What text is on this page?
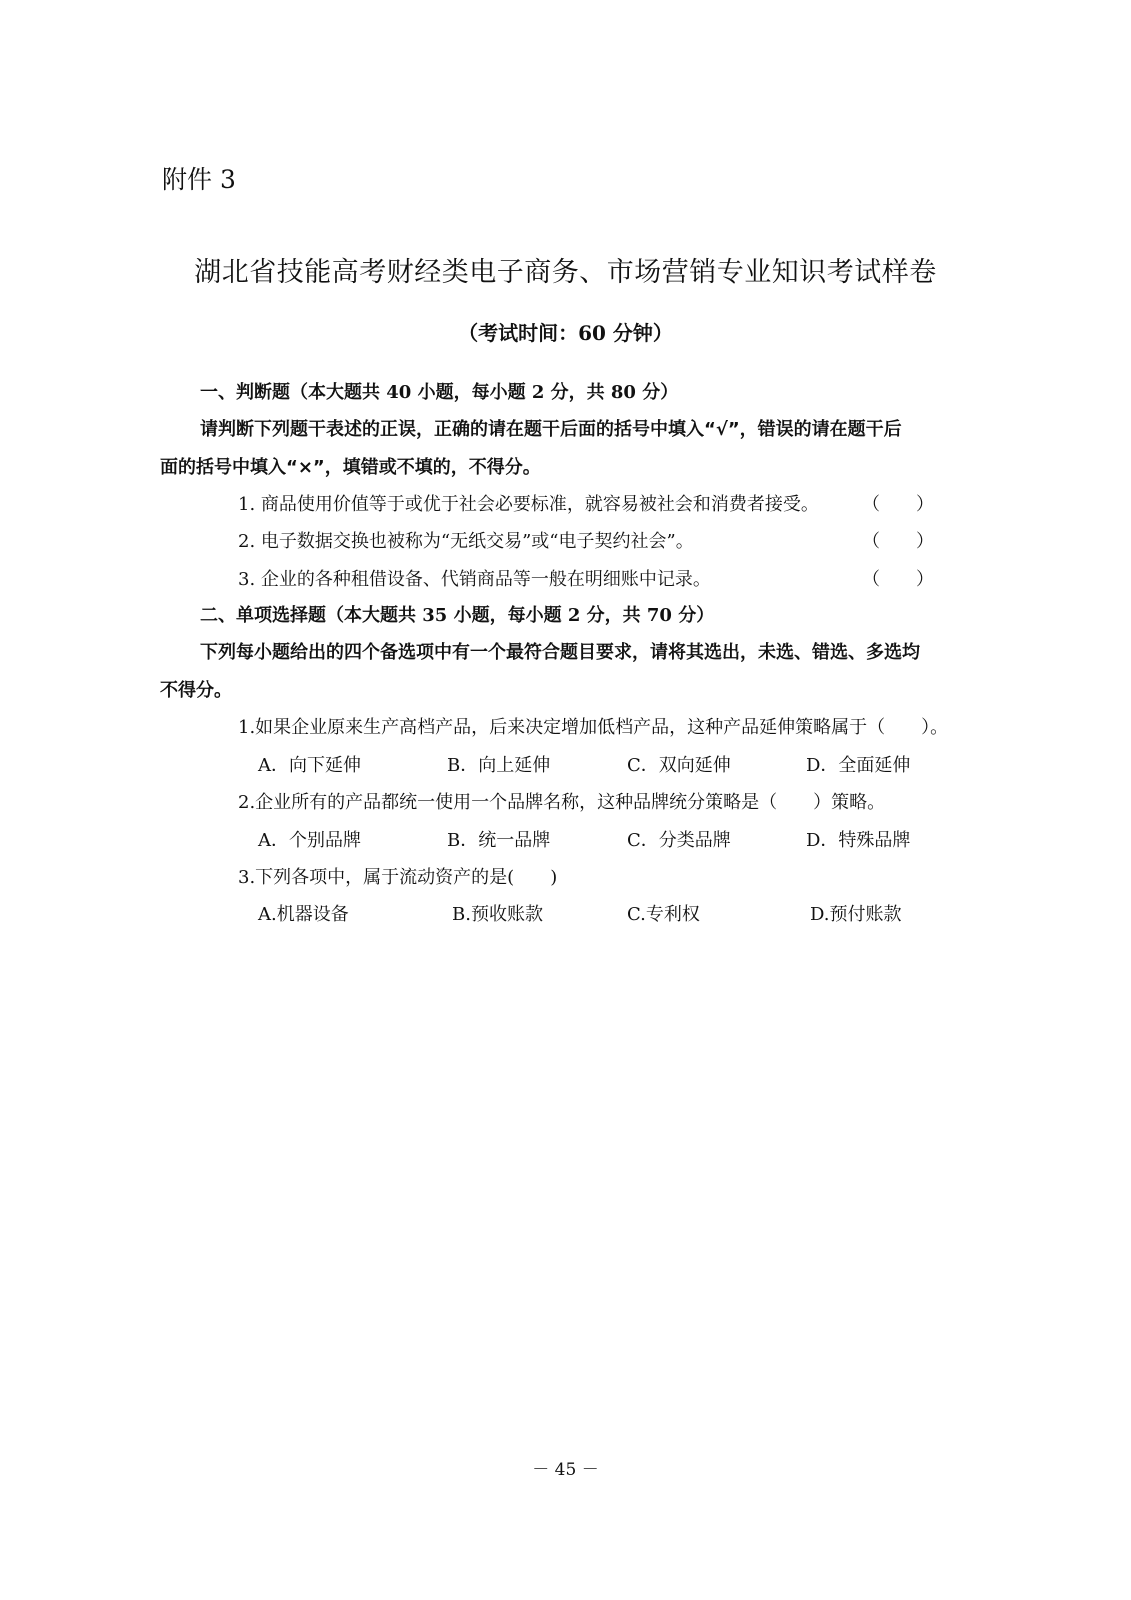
附件 3
湖北省技能高考财经类电子商务、市场营销专业知识考试样卷
（考试时间：60 分钟）
一、判断题（本大题共 40 小题，每小题 2 分，共 80 分）
请判断下列题干表述的正误，正确的请在题干后面的括号中填入“√”，错误的请在题干后
面的括号中填入“×”，填错或不填的，不得分。
1. 商品使用价值等于或优于社会必要标准，就容易被社会和消费者接受。 （　　）
2. 电子数据交换也被称为“无纸交易”或“电子契约社会”。	（　　）
3. 企业的各种租借设备、代销商品等一般在明细账中记录。	（　　）
二、单项选择题（本大题共 35 小题，每小题 2 分，共 70 分）
下列每小题给出的四个备选项中有一个最符合题目要求，请将其选出，未选、错选、多选均
不得分。
1.如果企业原来生产高档产品，后来决定增加低档产品，这种产品延伸策略属于（　　）。
A．向下延伸	B．向上延伸	C．双向延伸	D．全面延伸
2.企业所有的产品都统一使用一个品牌名称，这种品牌统分策略是（　　）策略。
A．个别品牌	B．统一品牌	C．分类品牌	D．特殊品牌
3.下列各项中，属于流动资产的是(　　)
A.机器设备	B.预收账款	C.专利权	D.预付账款
－ 45 －
